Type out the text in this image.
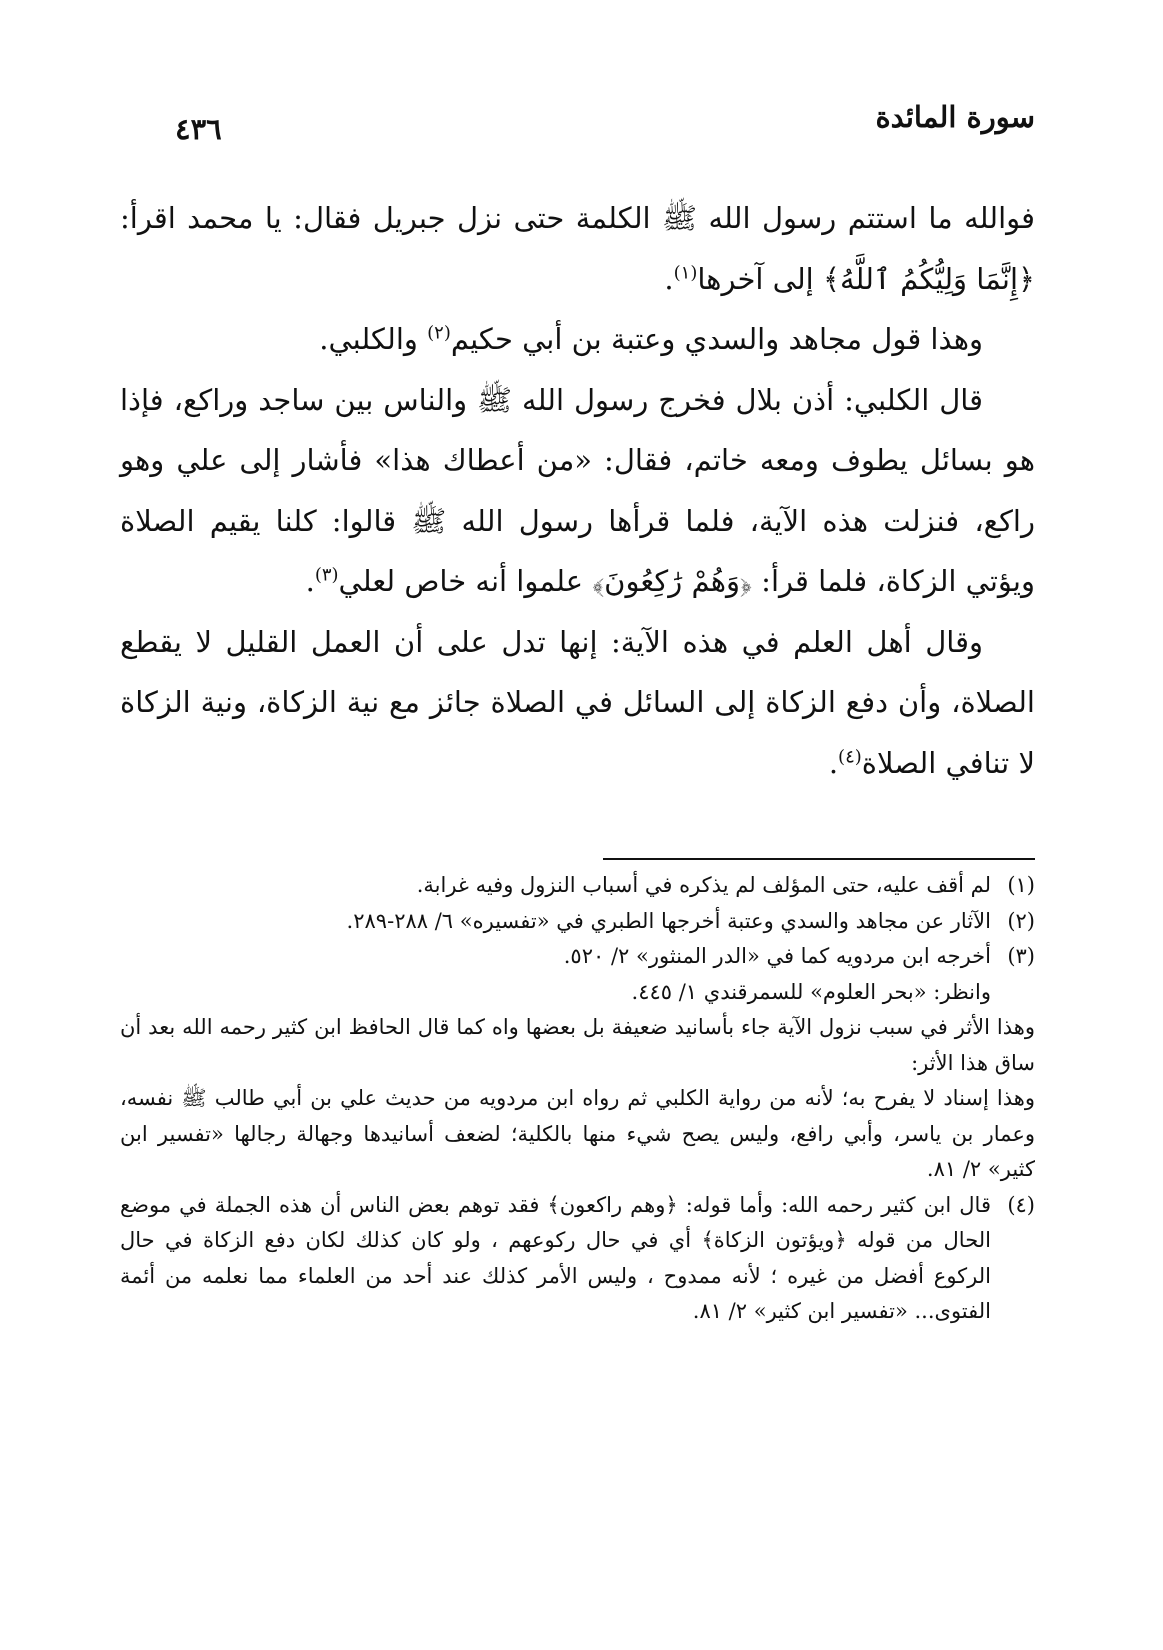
سورة المائدة
٤٣٦

فوالله ما استتم رسول الله ﷺ الكلمة حتى نزل جبريل فقال: يا محمد اقرأ: ﴿إِنَّمَا وَلِيُّكُمُ ٱللَّهُ﴾ إلى آخرها$^{(١)}$.

وهذا قول مجاهد والسدي وعتبة بن أبي حكيم$^{(٢)}$ والكلبي.

قال الكلبي: أذن بلال فخرج رسول الله ﷺ والناس بين ساجد وراكع، فإذا هو بسائل يطوف ومعه خاتم، فقال: «من أعطاك هذا» فأشار إلى علي وهو راكع، فنزلت هذه الآية، فلما قرأها رسول الله ﷺ قالوا: كلنا يقيم الصلاة ويؤتي الزكاة، فلما قرأ: ﴿وَهُمْ رَٰكِعُونَ﴾ علموا أنه خاص لعلي$^{(٣)}$.

وقال أهل العلم في هذه الآية: إنها تدل على أن العمل القليل لا يقطع الصلاة، وأن دفع الزكاة إلى السائل في الصلاة جائز مع نية الزكاة، ونية الزكاة لا تنافي الصلاة$^{(٤)}$.

(١)

لم أقف عليه، حتى المؤلف لم يذكره في أسباب النزول وفيه غرابة.

(٢)

الآثار عن مجاهد والسدي وعتبة أخرجها الطبري في «تفسيره» ٦/ ٢٨٨-٢٨٩.

(٣)

أخرجه ابن مردويه كما في «الدر المنثور» ٢/ ٥٢٠.

وانظر: «بحر العلوم» للسمرقندي ١/ ٤٤٥.

وهذا الأثر في سبب نزول الآية جاء بأسانيد ضعيفة بل بعضها واه كما قال الحافظ ابن كثير رحمه الله بعد أن ساق هذا الأثر:

وهذا إسناد لا يفرح به؛ لأنه من رواية الكلبي ثم رواه ابن مردويه من حديث علي بن أبي طالب ﷺ نفسه، وعمار بن ياسر، وأبي رافع، وليس يصح شيء منها بالكلية؛ لضعف أسانيدها وجهالة رجالها «تفسير ابن كثير» ٢/ ٨١.

(٤)

قال ابن كثير رحمه الله: وأما قوله: ﴿وهم راكعون﴾ فقد توهم بعض الناس أن هذه الجملة في موضع الحال من قوله ﴿ويؤتون الزكاة﴾ أي في حال ركوعهم ، ولو كان كذلك لكان دفع الزكاة في حال الركوع أفضل من غيره ؛ لأنه ممدوح ، وليس الأمر كذلك عند أحد من العلماء مما نعلمه من أئمة الفتوى... «تفسير ابن كثير» ٢/ ٨١.
